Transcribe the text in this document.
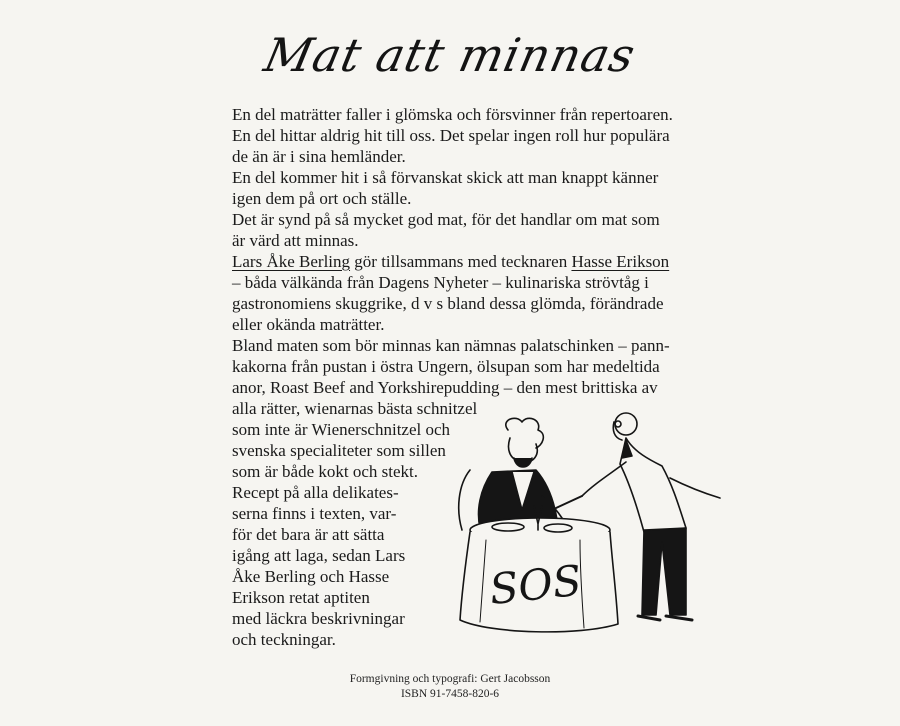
Mat att minnas
En del maträtter faller i glömska och försvinner från repertoaren.
En del hittar aldrig hit till oss. Det spelar ingen roll hur populära
de än är i sina hemländer.
En del kommer hit i så förvanskat skick att man knappt känner
igen dem på ort och ställe.
Det är synd på så mycket god mat, för det handlar om mat som
är värd att minnas.
Lars Åke Berling gör tillsammans med tecknaren Hasse Erikson
– båda välkända från Dagens Nyheter – kulinariska strövtåg i
gastronomiens skuggrike, d v s bland dessa glömda, förändrade
eller okända maträtter.
Bland maten som bör minnas kan nämnas palatschinken – pann-
kakorna från pustan i östra Ungern, ölsupan som har medeltida
anor, Roast Beef and Yorkshirepudding – den mest brittiska av
alla rätter, wienarnas bästa schnitzel
som inte är Wienerschnitzel och
svenska specialiteter som sillen
som är både kokt och stekt.
Recept på alla delikates-
serna finns i texten, var-
för det bara är att sätta
igång att laga, sedan Lars
Åke Berling och Hasse
Erikson retat aptiten
med läckra beskrivningar
och teckningar.
SOS
Formgivning och typografi: Gert Jacobsson
ISBN 91-7458-820-6
